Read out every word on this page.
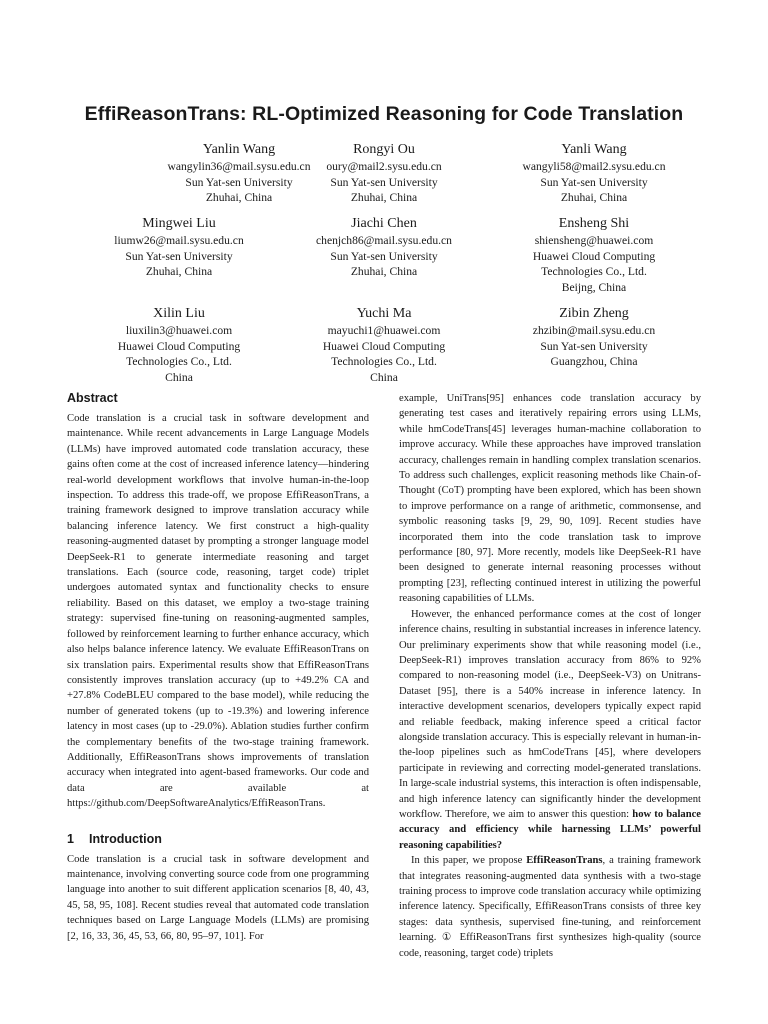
EffiReasonTrans: RL-Optimized Reasoning for Code Translation
Yanlin Wang
wangylin36@mail.sysu.edu.cn
Sun Yat-sen University
Zhuhai, China
Rongyi Ou
oury@mail2.sysu.edu.cn
Sun Yat-sen University
Zhuhai, China
Yanli Wang
wangyli58@mail2.sysu.edu.cn
Sun Yat-sen University
Zhuhai, China
Mingwei Liu
liumw26@mail.sysu.edu.cn
Sun Yat-sen University
Zhuhai, China
Jiachi Chen
chenjch86@mail.sysu.edu.cn
Sun Yat-sen University
Zhuhai, China
Ensheng Shi
shiensheng@huawei.com
Huawei Cloud Computing
Technologies Co., Ltd.
Beijng, China
Xilin Liu
liuxilin3@huawei.com
Huawei Cloud Computing
Technologies Co., Ltd.
China
Yuchi Ma
mayuchi1@huawei.com
Huawei Cloud Computing
Technologies Co., Ltd.
China
Zibin Zheng
zhzibin@mail.sysu.edu.cn
Sun Yat-sen University
Guangzhou, China
Abstract

Code translation is a crucial task in software development and maintenance. While recent advancements in Large Language Models (LLMs) have improved automated code translation accuracy, these gains often come at the cost of increased inference latency—hindering real-world development workflows that involve human-in-the-loop inspection. To address this trade-off, we propose EffiReasonTrans, a training framework designed to improve translation accuracy while balancing inference latency. We first construct a high-quality reasoning-augmented dataset by prompting a stronger language model DeepSeek-R1 to generate intermediate reasoning and target translations. Each (source code, reasoning, target code) triplet undergoes automated syntax and functionality checks to ensure reliability. Based on this dataset, we employ a two-stage training strategy: supervised fine-tuning on reasoning-augmented samples, followed by reinforcement learning to further enhance accuracy, which also helps balance inference latency. We evaluate EffiReasonTrans on six translation pairs. Experimental results show that EffiReasonTrans consistently improves translation accuracy (up to +49.2% CA and +27.8% CodeBLEU compared to the base model), while reducing the number of generated tokens (up to -19.3%) and lowering inference latency in most cases (up to -29.0%). Ablation studies further confirm the complementary benefits of the two-stage training framework. Additionally, EffiReasonTrans shows improvements of translation accuracy when integrated into agent-based frameworks. Our code and data are available at https://github.com/DeepSoftwareAnalytics/EffiReasonTrans.

1 Introduction

Code translation is a crucial task in software development and maintenance, involving converting source code from one programming language into another to suit different application scenarios [8, 40, 43, 45, 58, 95, 108]. Recent studies reveal that automated code translation techniques based on Large Language Models (LLMs) are promising [2, 16, 33, 36, 45, 53, 66, 80, 95–97, 101]. For

example, UniTrans[95] enhances code translation accuracy by generating test cases and iteratively repairing errors using LLMs, while hmCodeTrans[45] leverages human-machine collaboration to improve accuracy. While these approaches have improved translation accuracy, challenges remain in handling complex translation scenarios. To address such challenges, explicit reasoning methods like Chain-of-Thought (CoT) prompting have been explored, which has been shown to improve performance on a range of arithmetic, commonsense, and symbolic reasoning tasks [9, 29, 90, 109]. Recent studies have incorporated them into the code translation task to improve performance [80, 97]. More recently, models like DeepSeek-R1 have been designed to generate internal reasoning processes without prompting [23], reflecting continued interest in utilizing the powerful reasoning capabilities of LLMs.

However, the enhanced performance comes at the cost of longer inference chains, resulting in substantial increases in inference latency. Our preliminary experiments show that while reasoning model (i.e., DeepSeek-R1) improves translation accuracy from 86% to 92% compared to non-reasoning model (i.e., DeepSeek-V3) on Unitrans-Dataset [95], there is a 540% increase in inference latency. In interactive development scenarios, developers typically expect rapid and reliable feedback, making inference speed a critical factor alongside translation accuracy. This is especially relevant in human-in-the-loop pipelines such as hmCodeTrans [45], where developers participate in reviewing and correcting model-generated translations. In large-scale industrial systems, this interaction is often indispensable, and high inference latency can significantly hinder the development workflow. Therefore, we aim to answer this question: how to balance accuracy and efficiency while harnessing LLMs’ powerful reasoning capabilities?

In this paper, we propose EffiReasonTrans, a training framework that integrates reasoning-augmented data synthesis with a two-stage training process to improve code translation accuracy while optimizing inference latency. Specifically, EffiReasonTrans consists of three key stages: data synthesis, supervised fine-tuning, and reinforcement learning. ① EffiReasonTrans first synthesizes high-quality (source code, reasoning, target code) triplets
